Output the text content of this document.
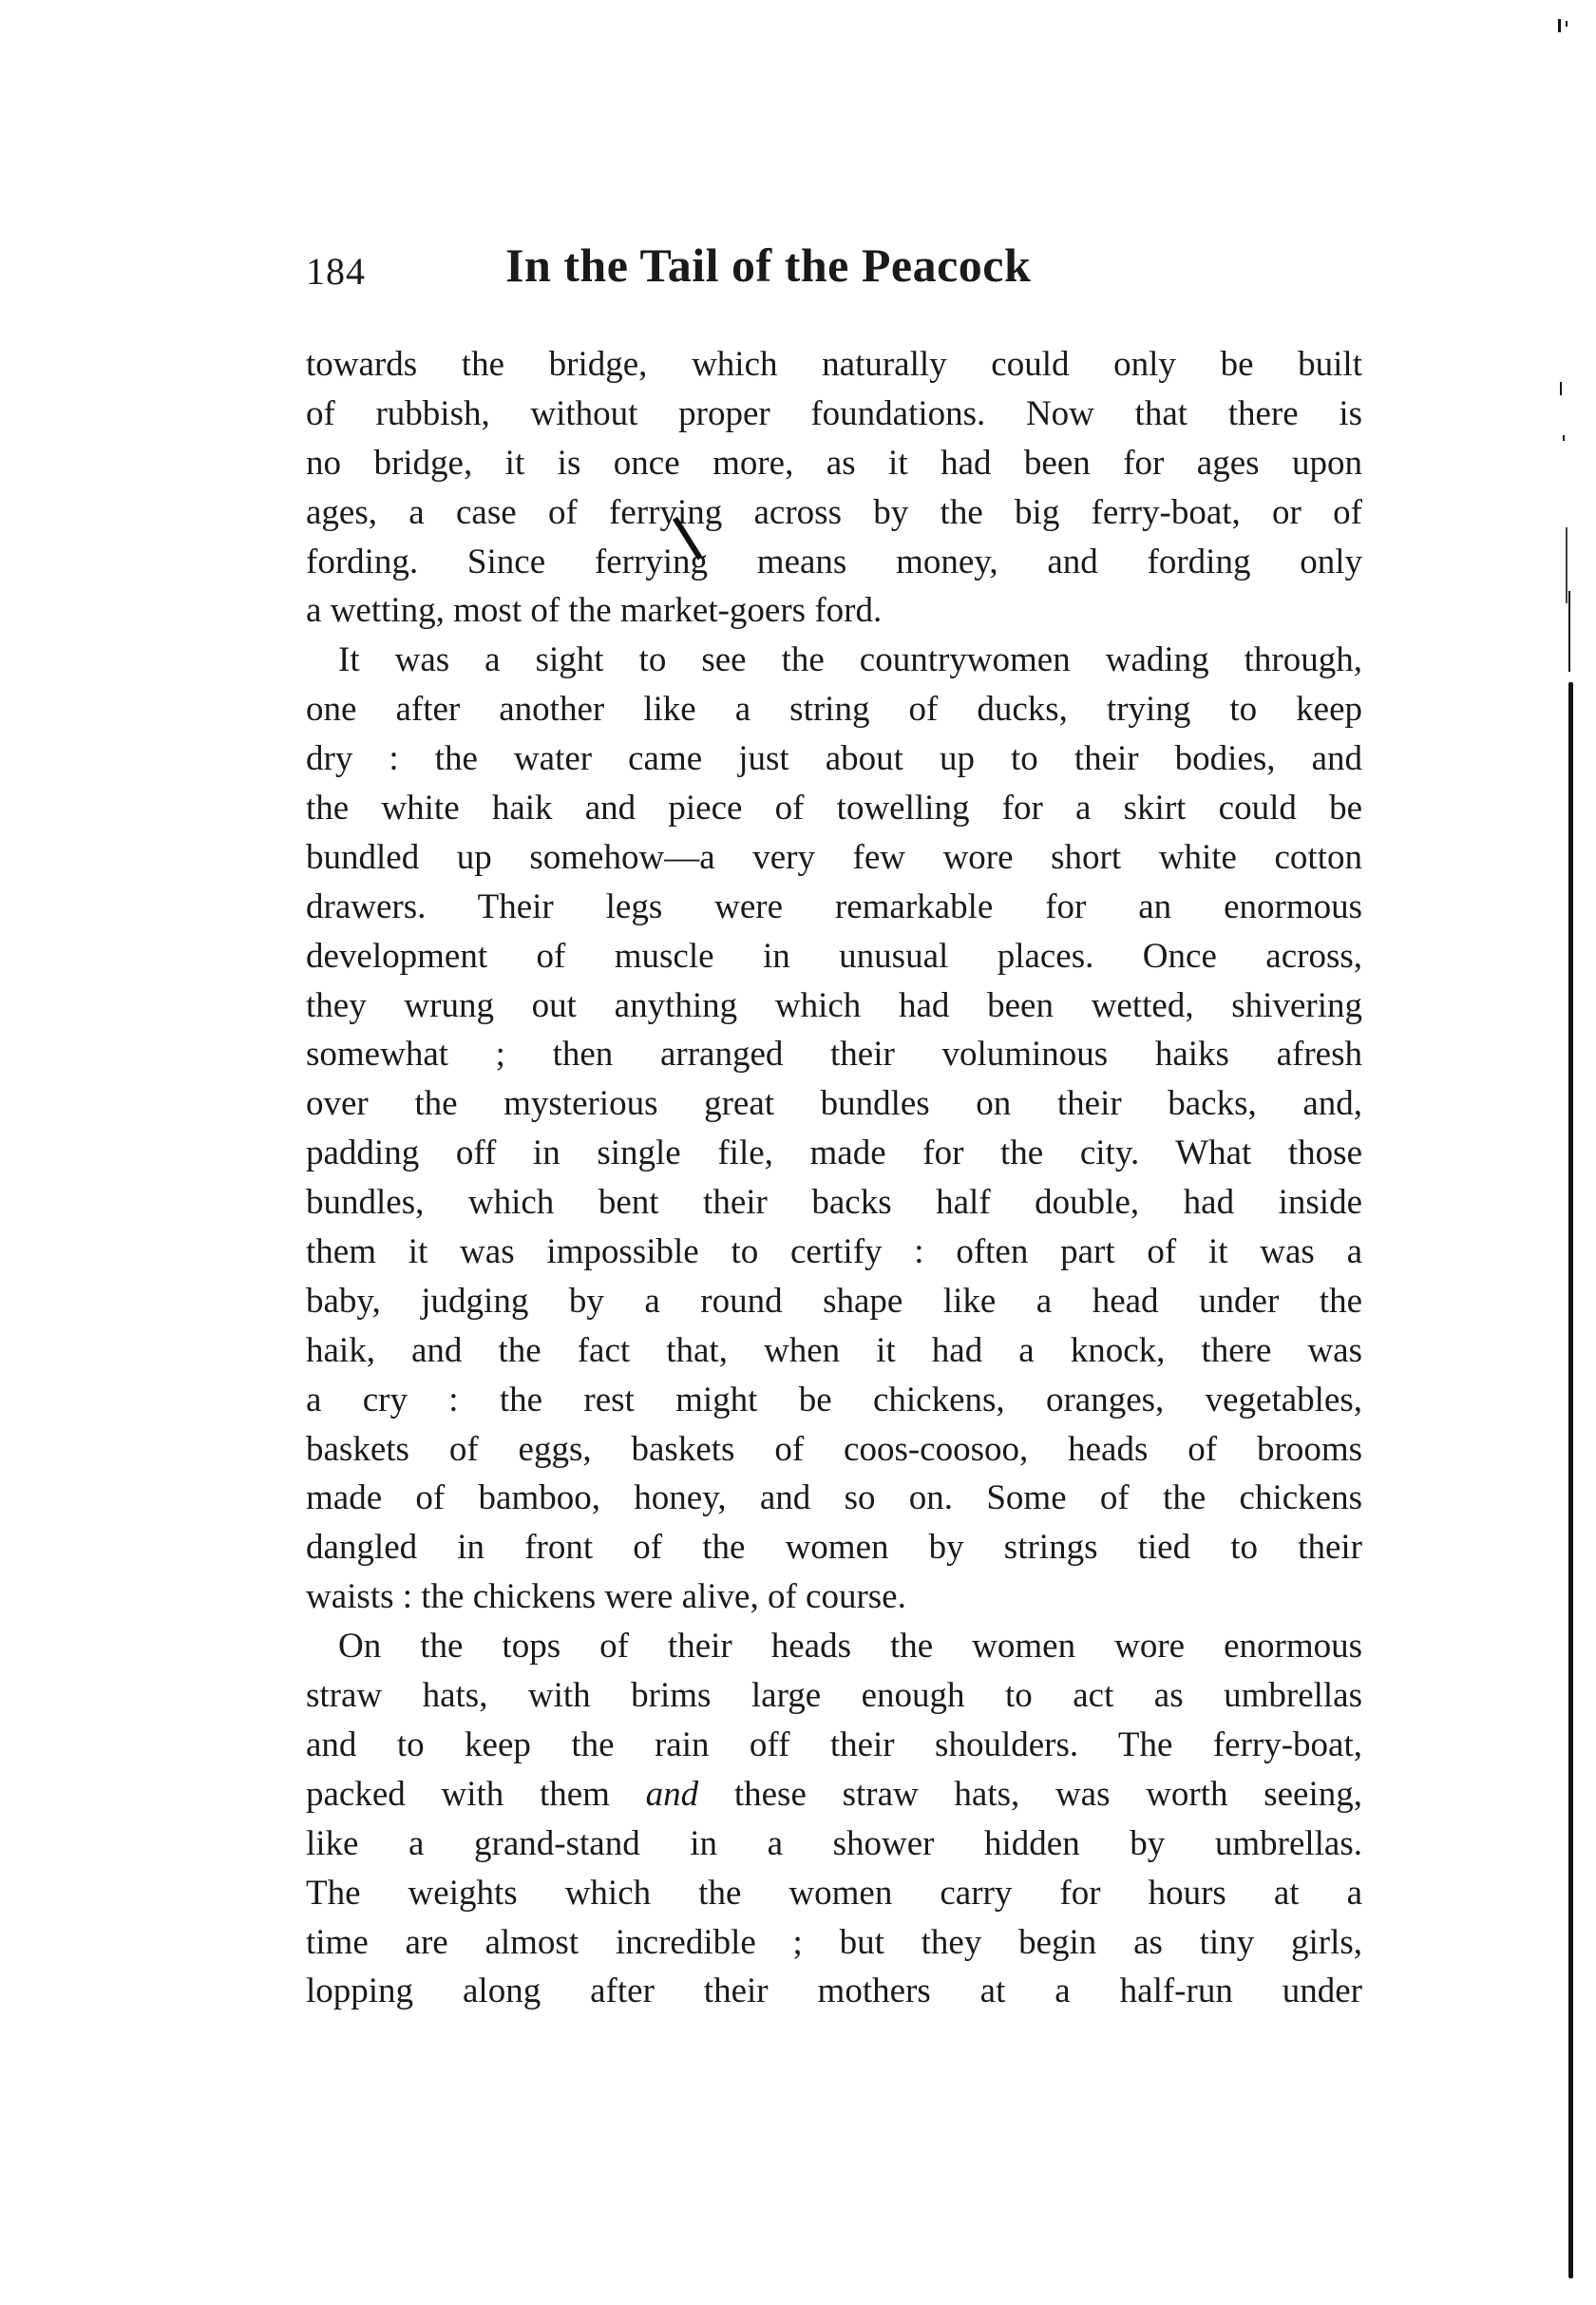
184	In the Tail of the Peacock
towards the bridge, which naturally could only be built
of rubbish, without proper foundations. Now that there is
no bridge, it is once more, as it had been for ages upon
ages, a case of ferrying across by the big ferry-boat, or of
fording. Since ferrying means money, and fording only
a wetting, most of the market-goers ford.
It was a sight to see the countrywomen wading through,
one after another like a string of ducks, trying to keep
dry : the water came just about up to their bodies, and
the white haik and piece of towelling for a skirt could be
bundled up somehow—a very few wore short white cotton
drawers. Their legs were remarkable for an enormous
development of muscle in unusual places. Once across,
they wrung out anything which had been wetted, shivering
somewhat ; then arranged their voluminous haiks afresh
over the mysterious great bundles on their backs, and,
padding off in single file, made for the city. What those
bundles, which bent their backs half double, had inside
them it was impossible to certify : often part of it was a
baby, judging by a round shape like a head under the
haik, and the fact that, when it had a knock, there was
a cry : the rest might be chickens, oranges, vegetables,
baskets of eggs, baskets of coos-coosoo, heads of brooms
made of bamboo, honey, and so on. Some of the chickens
dangled in front of the women by strings tied to their
waists : the chickens were alive, of course.
On the tops of their heads the women wore enormous
straw hats, with brims large enough to act as umbrellas
and to keep the rain off their shoulders. The ferry-boat,
packed with them and these straw hats, was worth seeing,
like a grand-stand in a shower hidden by umbrellas.
The weights which the women carry for hours at a
time are almost incredible ; but they begin as tiny girls,
lopping along after their mothers at a half-run under
